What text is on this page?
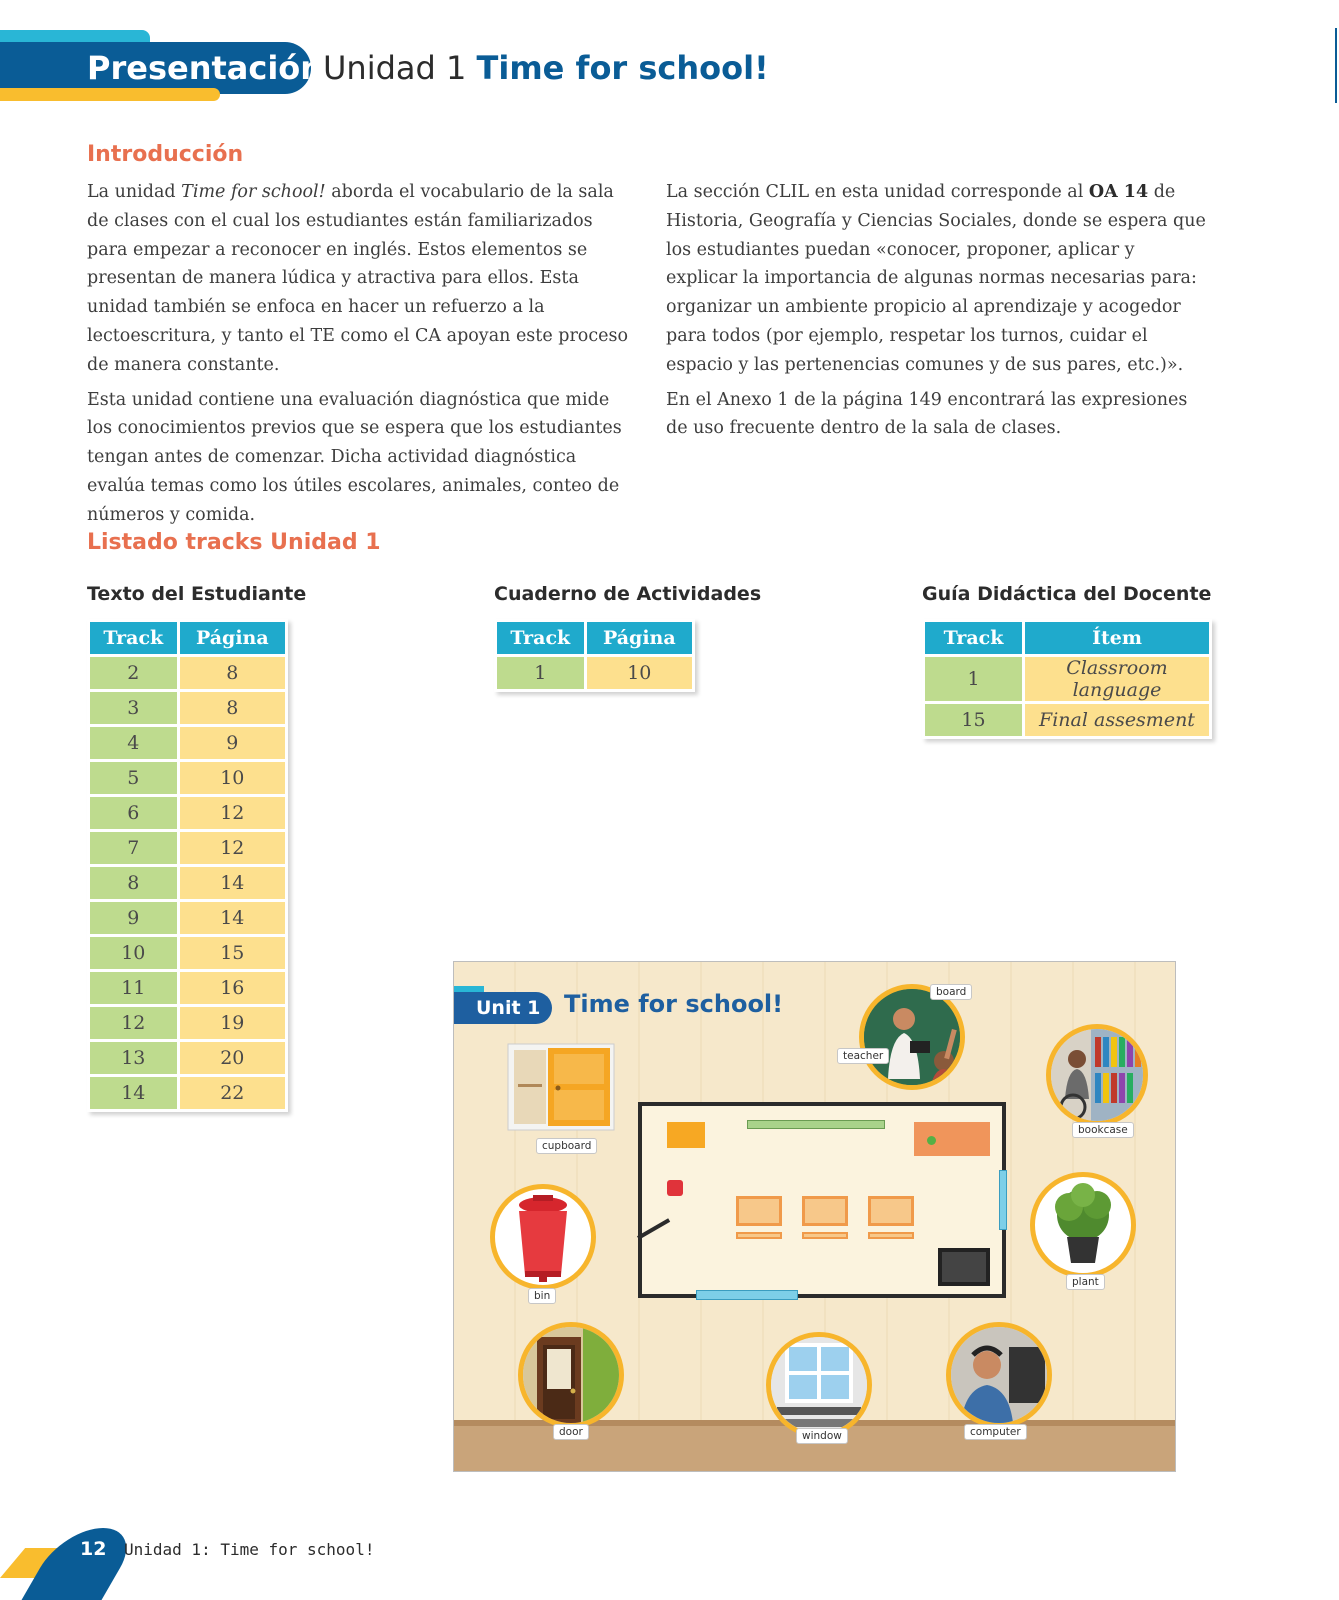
Presentación Unidad 1 Time for school!
Introducción

La unidad Time for school! aborda el vocabulario de la sala de clases con el cual los estudiantes están familiarizados para empezar a reconocer en inglés. Estos elementos se presentan de manera lúdica y atractiva para ellos. Esta unidad también se enfoca en hacer un refuerzo a la lectoescritura, y tanto el TE como el CA apoyan este proceso de manera constante.

Esta unidad contiene una evaluación diagnóstica que mide los conocimientos previos que se espera que los estudiantes tengan antes de comenzar. Dicha actividad diagnóstica evalúa temas como los útiles escolares, animales, conteo de números y comida.

La sección CLIL en esta unidad corresponde al OA 14 de Historia, Geografía y Ciencias Sociales, donde se espera que los estudiantes puedan «conocer, proponer, aplicar y explicar la importancia de algunas normas necesarias para: organizar un ambiente propicio al aprendizaje y acogedor para todos (por ejemplo, respetar los turnos, cuidar el espacio y las pertenencias comunes y de sus pares, etc.)».

En el Anexo 1 de la página 149 encontrará las expresiones de uso frecuente dentro de la sala de clases.

Listado tracks Unidad 1
Texto del Estudiante	Cuaderno de Actividades	Guía Didáctica del Docente
Track	Página
2	8
3	8
4	9
5	10
6	12
7	12
8	14
9	14
10	15
11	16
12	19
13	20
14	22
Track	Página
1	10
Track	Ítem
1	Classroom language
15	Final assesment
Unit 1 Time for school!	board
teacher
bookcase
cupboard
bin
plant
door	window	computer
12 Unidad 1: Time for school!
